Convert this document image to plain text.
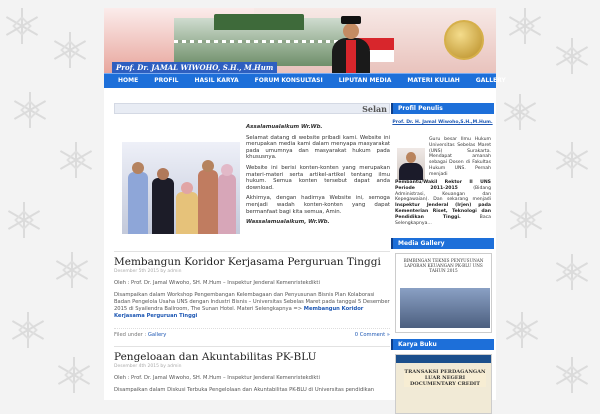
Prof. Dr. JAMAL WIWOHO, S.H., M.Hum
HOME	PROFIL	HASIL KARYA	FORUM KONSULTASI	LIPUTAN MEDIA	MATERI KULIAH	GALLERY
Selan

Assalamualaikum Wr.Wb.

Selamat datang di website pribadi kami. Website ini merupakan media kami dalam menyapa masyarakat pada umumnya dan masyarakat hukum pada khususnya.

Website ini berisi konten-konten yang merupakan materi-materi serta artikel-artikel tentang ilmu hukum. Semua konten tersebut dapat anda download.

Akhirnya, dengan hadirnya Website ini, semoga menjadi wadah konten-konten yang dapat bermanfaat bagi kita semua, Amin.

Wassalamualaikum, Wr.Wb.

Membangun Koridor Kerjasama Perguruan Tinggi
Desember 5th 2015 by admin
Oleh : Prof. Dr. Jamal Wiwoho, SH. M.Hum – Inspektur Jenderal Kemenristekdikti
Disampaikan dalam Workshop Pengembangan Kelembagaan dan Penyusunan Bisnis Plan Kolaborasi Badan Pengelola Usaha UNS dengan Industri Bisnis – Universitas Sebelas Maret pada tanggal 5 Desember 2015 di Syailendra Ballroom, The Sunan Hotel. Materi Selengkapnya => Membangun Koridor Kerjasama Perguruan Tinggi
Filed under : Gallery	0 Comment »
Pengeloaan dan Akuntabilitas PK-BLU
Desember 4th 2015 by admin
Oleh : Prof. Dr. Jamal Wiwoho, SH. M.Hum – Inspektur Jenderal Kemenristekdikti
Disampaikan dalam Diskusi Terbuka Pengelolaan dan Akuntabilitas PK-BLU di Universitas pendidikan
Profil Penulis
Prof. Dr. H. Jamal Wiwoho,S.H.,M.Hum.
Guru besar Ilmu Hukum Universitas Sebelas Maret (UNS) Surakarta. Mendapat amanah sebagai Dosen di Fakultas Hukum UNS. Pernah menjadi
Pembantu/Wakil Rektor II UNS Periode 2011-2015	(Bidang Administrasi, Keuangan dan Kepegawaian). Dan sekarang menjadi Inspektur Jenderal (Irjen) pada Kementerian Riset, Teknologi dan Pendidikan Tinggi.	Baca Selengkapnya...
Media Gallery
BIMBINGAN TEKNIS PENYUSUNAN LAPORAN KEUANGAN PK-BLU UNS TAHUN 2015
Karya Buku
TRANSAKSI PERDAGANGAN LUAR NEGERI DOCUMENTARY CREDIT
